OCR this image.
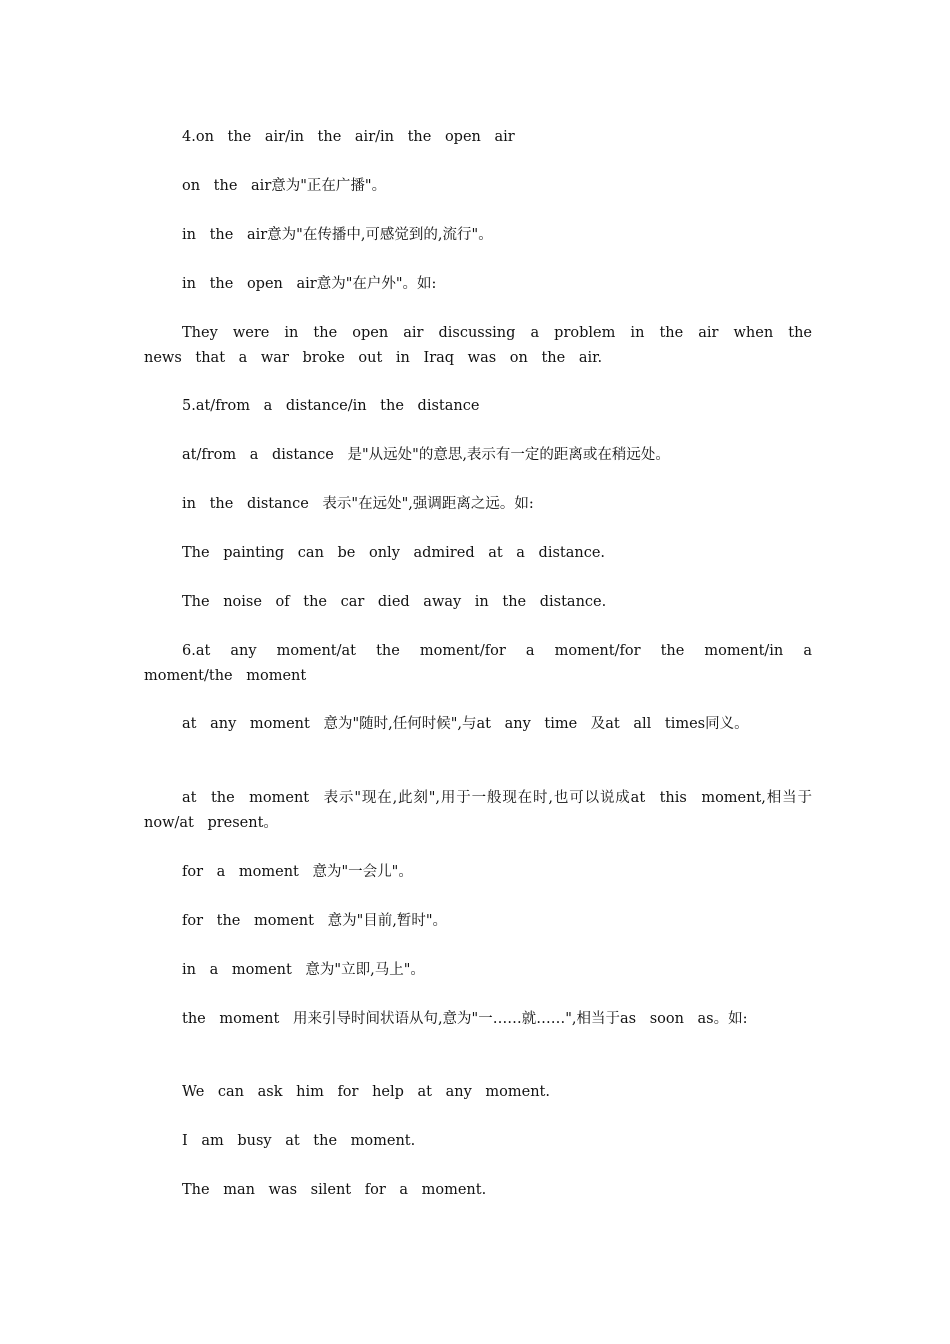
4.on the air/in the air/in the open air

on the air意为"正在广播"。

in the air意为"在传播中,可感觉到的,流行"。

in the open air意为"在户外"。如:

They were in the open air discussing a problem in the air when the news that a war broke out in Iraq was on the air.

5.at/from a distance/in the distance

at/from a distance 是"从远处"的意思,表示有一定的距离或在稍远处。

in the distance 表示"在远处",强调距离之远。如:

The painting can be only admired at a distance.

The noise of the car died away in the distance.

6.at any moment/at the moment/for a moment/for the moment/in a moment/the moment

at any moment 意为"随时,任何时候",与at any time 及at all times同义。

at the moment 表示"现在,此刻",用于一般现在时,也可以说成at this moment,相当于now/at present。

for a moment 意为"一会儿"。

for the moment 意为"目前,暂时"。

in a moment 意为"立即,马上"。

the moment 用来引导时间状语从句,意为"一……就……",相当于as soon as。如:

We can ask him for help at any moment.

I am busy at the moment.

The man was silent for a moment.
